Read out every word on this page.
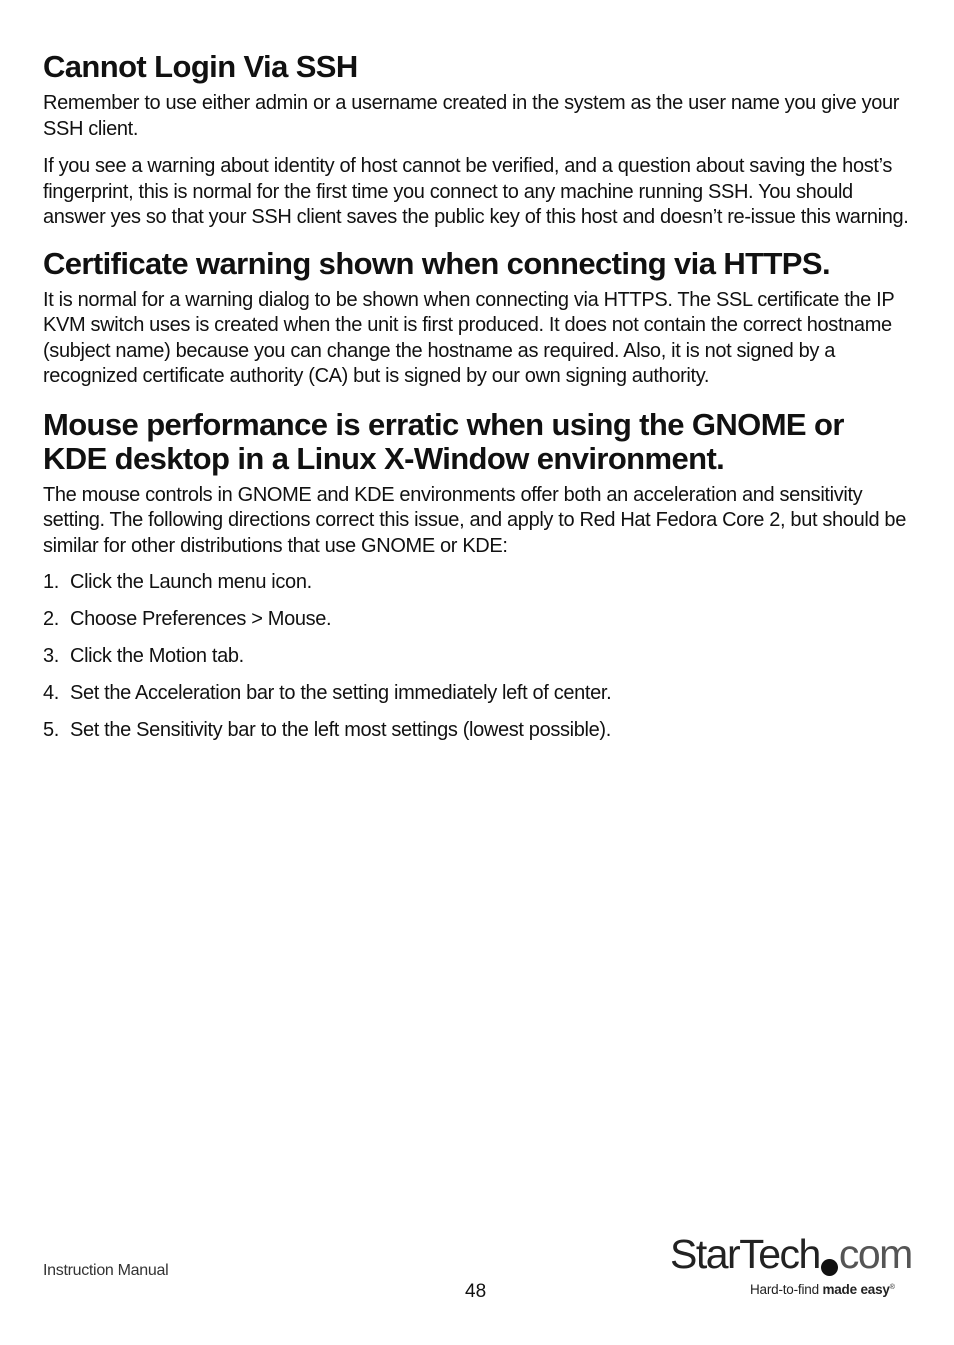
Cannot Login Via SSH

Remember to use either admin or a username created in the system as the user name you give your SSH client.

If you see a warning about identity of host cannot be verified, and a question about saving the host’s fingerprint, this is normal for the first time you connect to any machine running SSH. You should answer yes so that your SSH client saves the public key of this host and doesn’t re-issue this warning.

Certificate warning shown when connecting via HTTPS.

It is normal for a warning dialog to be shown when connecting via HTTPS. The SSL certificate the IP KVM switch uses is created when the unit is first produced. It does not contain the correct hostname (subject name) because you can change the hostname as required. Also, it is not signed by a recognized certificate authority (CA) but is signed by our own signing authority.

Mouse performance is erratic when using the GNOME or KDE desktop in a Linux X-Window environment.

The mouse controls in GNOME and KDE environments offer both an acceleration and sensitivity setting. The following directions correct this issue, and apply to Red Hat Fedora Core 2, but should be similar for other distributions that use GNOME or KDE:

1. Click the Launch menu icon.
2. Choose Preferences > Mouse.
3. Click the Motion tab.
4. Set the Acceleration bar to the setting immediately left of center.
5. Set the Sensitivity bar to the left most settings (lowest possible).
Instruction Manual
48
StarTech com
Hard-to-find made easy®
